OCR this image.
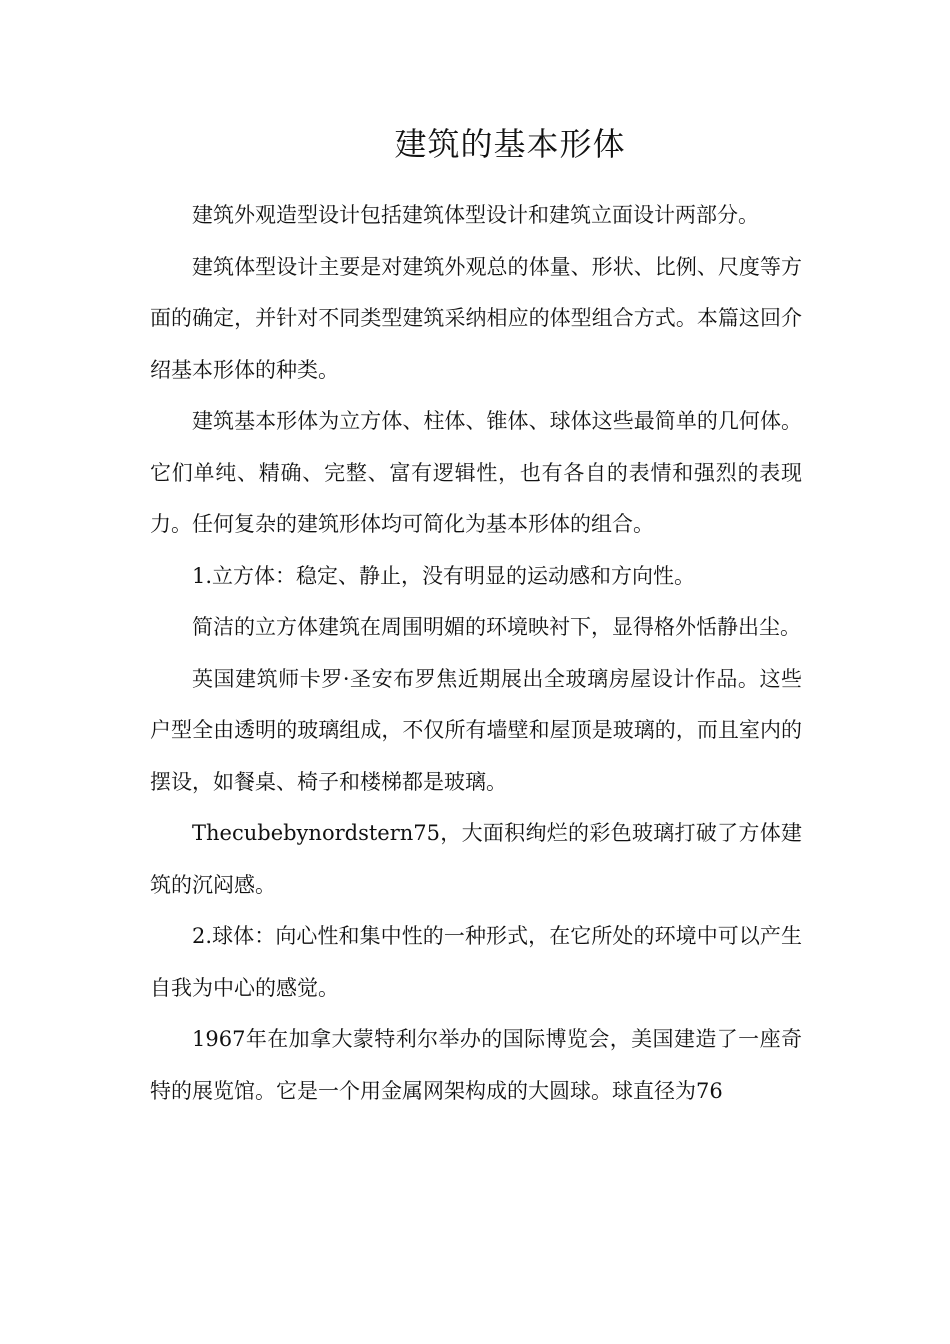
建筑的基本形体

建筑外观造型设计包括建筑体型设计和建筑立面设计两部分。

建筑体型设计主要是对建筑外观总的体量、形状、比例、尺度等方面的确定，并针对不同类型建筑采纳相应的体型组合方式。本篇这回介绍基本形体的种类。

建筑基本形体为立方体、柱体、锥体、球体这些最简单的几何体。它们单纯、精确、完整、富有逻辑性，也有各自的表情和强烈的表现力。任何复杂的建筑形体均可简化为基本形体的组合。

1.立方体：稳定、静止，没有明显的运动感和方向性。

简洁的立方体建筑在周围明媚的环境映衬下，显得格外恬静出尘。

英国建筑师卡罗·圣安布罗焦近期展出全玻璃房屋设计作品。这些户型全由透明的玻璃组成，不仅所有墙壁和屋顶是玻璃的，而且室内的摆设，如餐桌、椅子和楼梯都是玻璃。

Thecubebynordstern75，大面积绚烂的彩色玻璃打破了方体建筑的沉闷感。

2.球体：向心性和集中性的一种形式，在它所处的环境中可以产生自我为中心的感觉。

1967年在加拿大蒙特利尔举办的国际博览会，美国建造了一座奇特的展览馆。它是一个用金属网架构成的大圆球。球直径为76
